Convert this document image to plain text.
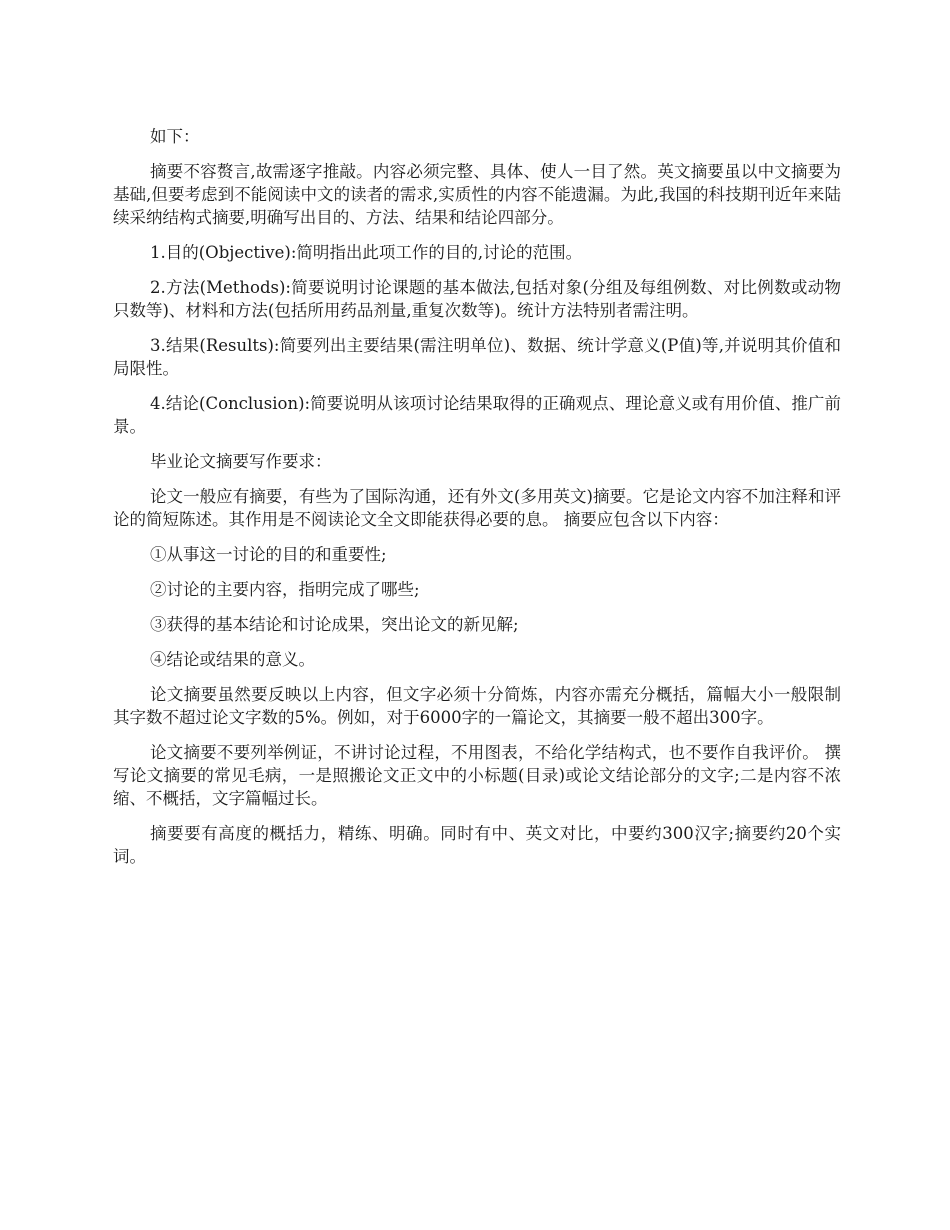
如下：

摘要不容赘言,故需逐字推敲。内容必须完整、具体、使人一目了然。英文摘要虽以中文摘要为基础,但要考虑到不能阅读中文的读者的需求,实质性的内容不能遗漏。为此,我国的科技期刊近年来陆续采纳结构式摘要,明确写出目的、方法、结果和结论四部分。

1.目的(Objective):简明指出此项工作的目的,讨论的范围。

2.方法(Methods):简要说明讨论课题的基本做法,包括对象(分组及每组例数、对比例数或动物只数等)、材料和方法(包括所用药品剂量,重复次数等)。统计方法特别者需注明。

3.结果(Results):简要列出主要结果(需注明单位)、数据、统计学意义(P值)等,并说明其价值和局限性。

4.结论(Conclusion):简要说明从该项讨论结果取得的正确观点、理论意义或有用价值、推广前景。

毕业论文摘要写作要求：

论文一般应有摘要，有些为了国际沟通，还有外文(多用英文)摘要。它是论文内容不加注释和评论的简短陈述。其作用是不阅读论文全文即能获得必要的息。 摘要应包含以下内容：

①从事这一讨论的目的和重要性;

②讨论的主要内容，指明完成了哪些;

③获得的基本结论和讨论成果，突出论文的新见解;

④结论或结果的意义。

论文摘要虽然要反映以上内容，但文字必须十分简炼，内容亦需充分概括，篇幅大小一般限制其字数不超过论文字数的5%。例如，对于6000字的一篇论文，其摘要一般不超出300字。

论文摘要不要列举例证，不讲讨论过程，不用图表，不给化学结构式，也不要作自我评价。 撰写论文摘要的常见毛病，一是照搬论文正文中的小标题(目录)或论文结论部分的文字;二是内容不浓缩、不概括，文字篇幅过长。

摘要要有高度的概括力，精练、明确。同时有中、英文对比，中要约300汉字;摘要约20个实词。
